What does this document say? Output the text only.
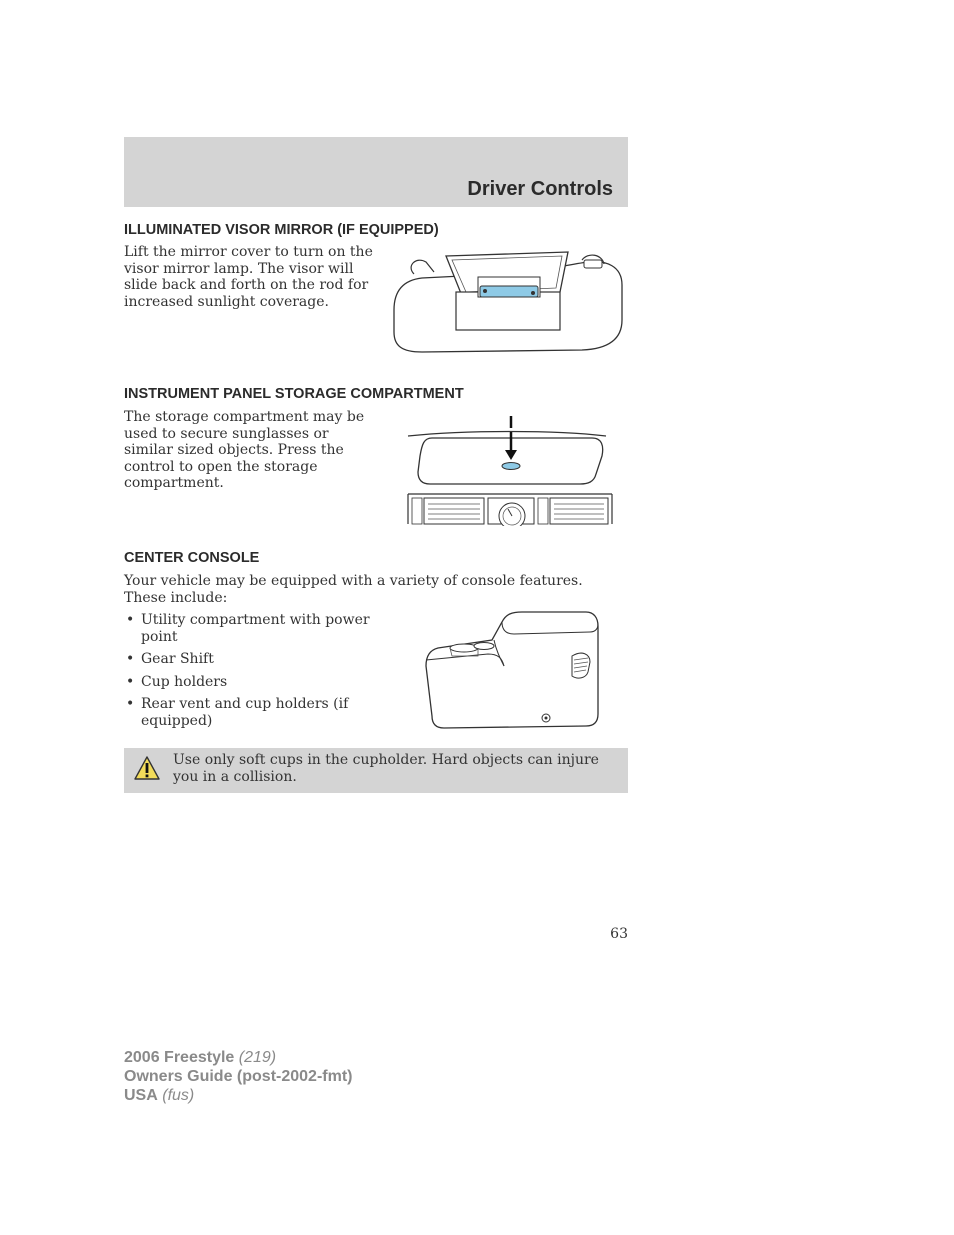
Driver Controls
ILLUMINATED VISOR MIRROR (IF EQUIPPED)
Lift the mirror cover to turn on the visor mirror lamp. The visor will slide back and forth on the rod for increased sunlight coverage.
INSTRUMENT PANEL STORAGE COMPARTMENT
The storage compartment may be used to secure sunglasses or similar sized objects. Press the control to open the storage compartment.
CENTER CONSOLE
Your vehicle may be equipped with a variety of console features. These include:
• Utility compartment with power point
• Gear Shift
• Cup holders
• Rear vent and cup holders (if equipped)
Use only soft cups in the cupholder. Hard objects can injure you in a collision.
63
2006 Freestyle (219)
Owners Guide (post-2002-fmt)
USA (fus)
